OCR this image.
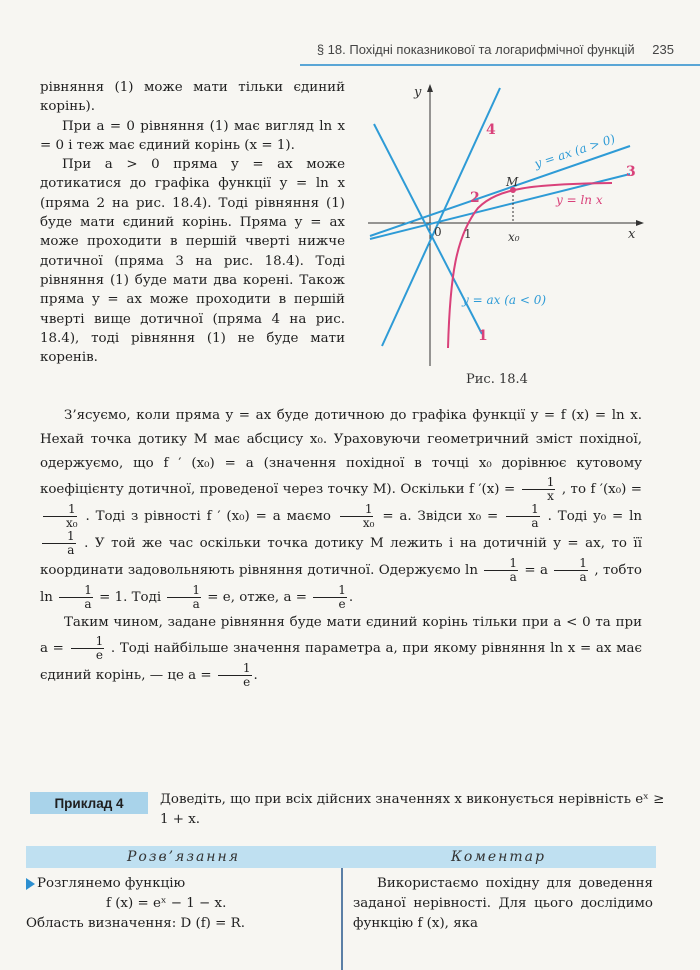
§ 18. Похідні показникової та логарифмічної функцій 235

рівняння (1) може мати тільки єдиний корінь).

При a = 0 рівняння (1) має вигляд ln x = 0 і теж має єдиний корінь (x = 1).

При a > 0 пряма y = ax може дотикатися до графіка функції y = ln x (пряма 2 на рис. 18.4). Тоді рівняння (1) буде мати єдиний корінь. Пряма y = ax може проходити в першій чверті нижче дотичної (пряма 3 на рис. 18.4). Тоді рівняння (1) буде мати два корені. Також пряма y = ax може проходити в першій чверті вище дотичної (пряма 4 на рис. 18.4), тоді рівняння (1) не буде мати коренів.

y
x
0 1	x₀
M
4
2
3
1
y = ax (a > 0)
y = ln x
y = ax (a < 0)
Рис. 18.4

З’ясуємо, коли пряма y = ax буде дотичною до графіка функції y = f (x) = ln x. Нехай точка дотику M має абсцису x₀. Ураховуючи геометричний зміст похідної, одержуємо, що f ′ (x₀) = a (значення похідної в точці x₀ дорівнює кутовому коефіцієнту дотичної, проведеної через точку M). Оскільки f $'(x) = \frac{1}{x}$ , то f ′(x₀) =
$\frac{1}{\text{x₀}}$ . Тоді з рівності f ′ (x₀) = a маємо $\frac{1}{\text{x₀}} = a$. Звідси $x_0 = \frac{1}{a}$ . Тоді y₀ = ln
$\frac{1}{a}$ . У той же час оскільки точка дотику M лежить і на дотичній y = ax, то її координати задовольняють рівняння дотичної. Одержуємо $\ln \frac{1}{a} = a \frac{1}{a}$ , тобто $\ln \frac{1}{a} = 1$. Тоді $\frac{1}{a} = e$, отже, $a = \frac{1}{e}$ .

Таким чином, задане рівняння буде мати єдиний корінь тільки при a < 0 та при $a = \frac{1}{e}$ . Тоді найбільше значення параметра a, при якому рівняння ln x = ax має єдиний корінь, — це $a = \frac{1}{e}$ .

Приклад 4	Доведіть, що при всіх дійсних значеннях x виконується нерівність eˣ ≥ 1 + x.
Розв’язання	Коментар

Розглянемо функцію

f (x) = eˣ − 1 − x.

Область визначення: D (f) = R.

Використаємо похідну для доведення заданої нерівності. Для цього дослідимо функцію f (x), яка
